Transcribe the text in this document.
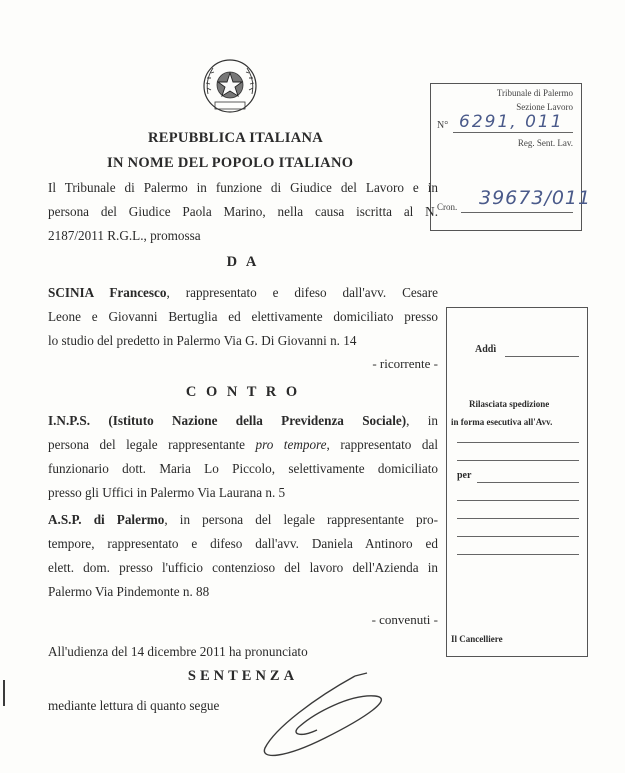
REPUBBLICA ITALIANA
IN NOME DEL POPOLO ITALIANO
Tribunale di Palermo
Sezione Lavoro
N° 6291, 011
Reg. Sent. Lav.
Cron. 39673/011
Il Tribunale di Palermo in funzione di Giudice del Lavoro e in
persona del Giudice Paola Marino, nella causa iscritta al N.
2187/2011 R.G.L., promossa
D A
SCINIA Francesco, rappresentato e difeso dall'avv. Cesare
Leone e Giovanni Bertuglia ed elettivamente domiciliato presso
lo studio del predetto in Palermo Via G. Di Giovanni n. 14
- ricorrente -
C O N T R O
I.N.P.S. (Istituto Nazione della Previdenza Sociale), in
persona del legale rappresentante pro tempore, rappresentato dal
funzionario dott. Maria Lo Piccolo, selettivamente domiciliato
presso gli Uffici in Palermo Via Laurana n. 5
A.S.P. di Palermo, in persona del legale rappresentante pro-
tempore, rappresentato e difeso dall'avv. Daniela Antinoro ed
elett. dom. presso l'ufficio contenzioso del lavoro dell'Azienda in
Palermo Via Pindemonte n. 88
- convenuti -
All'udienza del 14 dicembre 2011 ha pronunciato
SENTENZA
mediante lettura di quanto segue
Addì
Rilasciata spedizione
in forma esecutiva all'Avv.
per
Il Cancelliere
